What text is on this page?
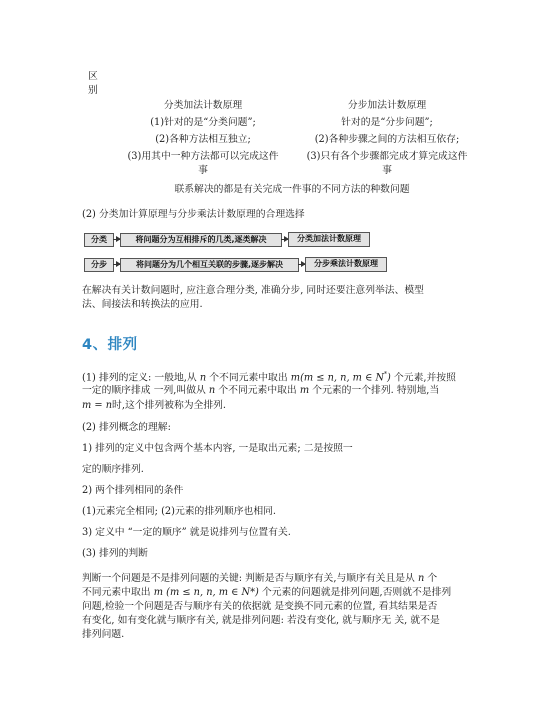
区别
分类加法计数原理	分步加法计数原理
(1)针对的是“分类问题”;	针对的是“分步问题”;
(2)各种方法相互独立;	(2)各种步骤之间的方法相互依存;
(3)用其中一种方法都可以完成这件	(3)只有各个步骤都完成才算完成这件
事	事
联系解决的都是有关完成一件事的不同方法的种数问题
(2) 分类加计算原理与分步乘法计数原理的合理选择
分类	将问题分为互相排斥的几类,逐类解决	分类加法计数原理
分步	将问题分为几个相互关联的步骤,逐步解决	分步乘法计数原理
在解决有关计数问题时, 应注意合理分类, 准确分步, 同时还要注意列举法、模型
法、间接法和转换法的应用.
4、排列
(1) 排列的定义: 一般地,从 n 个不同元素中取出 m(m ≤ n, n, m ∈ N*) 个元素,并按照
一定的顺序排成 一列,叫做从 n 个不同元素中取出 m 个元素的一个排列. 特别地,当
m = n时,这个排列被称为全排列.
(2) 排列概念的理解:
1) 排列的定义中包含两个基本内容, 一是取出元素; 二是按照一
定的顺序排列.
2) 两个排列相同的条件
(1)元素完全相同; (2)元素的排列顺序也相同.
3) 定义中 “一定的顺序” 就是说排列与位置有关.
(3) 排列的判断
判断一个问题是不是排列问题的关键: 判断是否与顺序有关,与顺序有关且是从 n 个
不同元素中取出 m (m ≤ n, n, m ∈ N*) 个元素的问题就是排列问题,否则就不是排列
问题,检验一个问题是否与顺序有关的依据就 是变换不同元素的位置, 看其结果是否
有变化, 如有变化就与顺序有关, 就是排列问题: 若没有变化, 就与顺序无 关, 就不是
排列问题.
